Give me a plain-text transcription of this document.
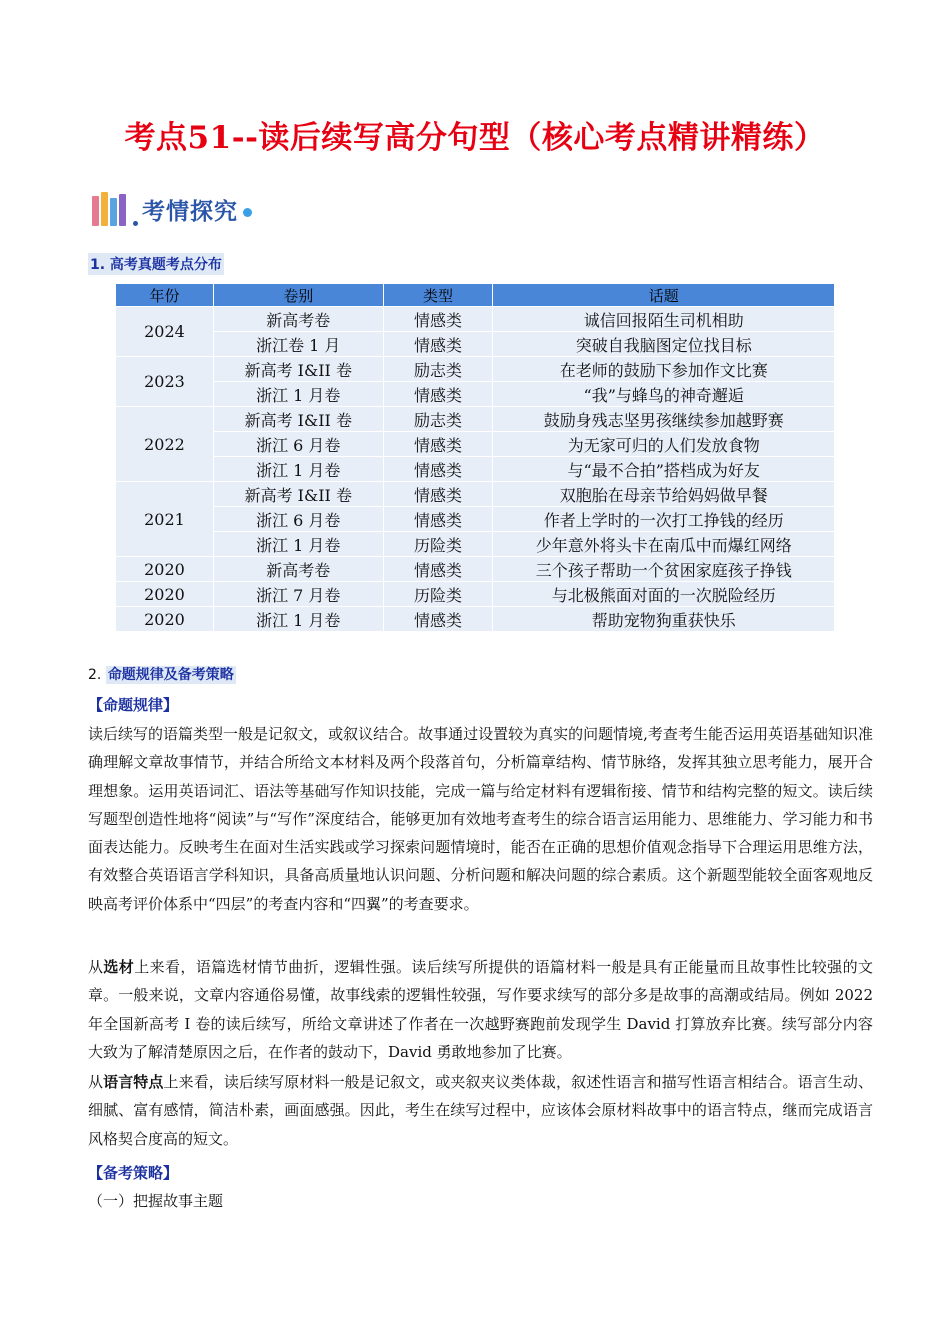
考点51--读后续写高分句型（核心考点精讲精练）
考情探究
1. 高考真题考点分布
年份	卷别	类型	话题
2024	新高考卷	情感类	诚信回报陌生司机相助
	浙江卷 1 月	情感类	突破自我脑图定位找目标
2023	新高考 I&II 卷	励志类	在老师的鼓励下参加作文比赛
	浙江 1 月卷	情感类	“我”与蜂鸟的神奇邂逅
2022	新高考 I&II 卷	励志类	鼓励身残志坚男孩继续参加越野赛
	浙江 6 月卷	情感类	为无家可归的人们发放食物
	浙江 1 月卷	情感类	与“最不合拍”搭档成为好友
2021	新高考 I&II 卷	情感类	双胞胎在母亲节给妈妈做早餐
	浙江 6 月卷	情感类	作者上学时的一次打工挣钱的经历
	浙江 1 月卷	历险类	少年意外将头卡在南瓜中而爆红网络
2020	新高考卷	情感类	三个孩子帮助一个贫困家庭孩子挣钱
2020	浙江 7 月卷	历险类	与北极熊面对面的一次脱险经历
2020	浙江 1 月卷	情感类	帮助宠物狗重获快乐
2. 命题规律及备考策略
【命题规律】
读后续写的语篇类型一般是记叙文，或叙议结合。故事通过设置较为真实的问题情境,考查考生能否运用英语基础知识准确理解文章故事情节，并结合所给文本材料及两个段落首句，分析篇章结构、情节脉络，发挥其独立思考能力，展开合理想象。运用英语词汇、语法等基础写作知识技能，完成一篇与给定材料有逻辑衔接、情节和结构完整的短文。读后续写题型创造性地将“阅读”与“写作”深度结合，能够更加有效地考查考生的综合语言运用能力、思维能力、学习能力和书面表达能力。反映考生在面对生活实践或学习探索问题情境时，能否在正确的思想价值观念指导下合理运用思维方法，有效整合英语语言学科知识，具备高质量地认识问题、分析问题和解决问题的综合素质。这个新题型能较全面客观地反映高考评价体系中“四层”的考查内容和“四翼”的考查要求。
从选材上来看，语篇选材情节曲折，逻辑性强。读后续写所提供的语篇材料一般是具有正能量而且故事性比较强的文章。一般来说，文章内容通俗易懂，故事线索的逻辑性较强，写作要求续写的部分多是故事的高潮或结局。例如 2022 年全国新高考 I 卷的读后续写，所给文章讲述了作者在一次越野赛跑前发现学生 David 打算放弃比赛。续写部分内容大致为了解清楚原因之后，在作者的鼓动下，David 勇敢地参加了比赛。
从语言特点上来看，读后续写原材料一般是记叙文，或夹叙夹议类体裁，叙述性语言和描写性语言相结合。语言生动、细腻、富有感情，简洁朴素，画面感强。因此，考生在续写过程中，应该体会原材料故事中的语言特点，继而完成语言风格契合度高的短文。
【备考策略】
（一）把握故事主题
